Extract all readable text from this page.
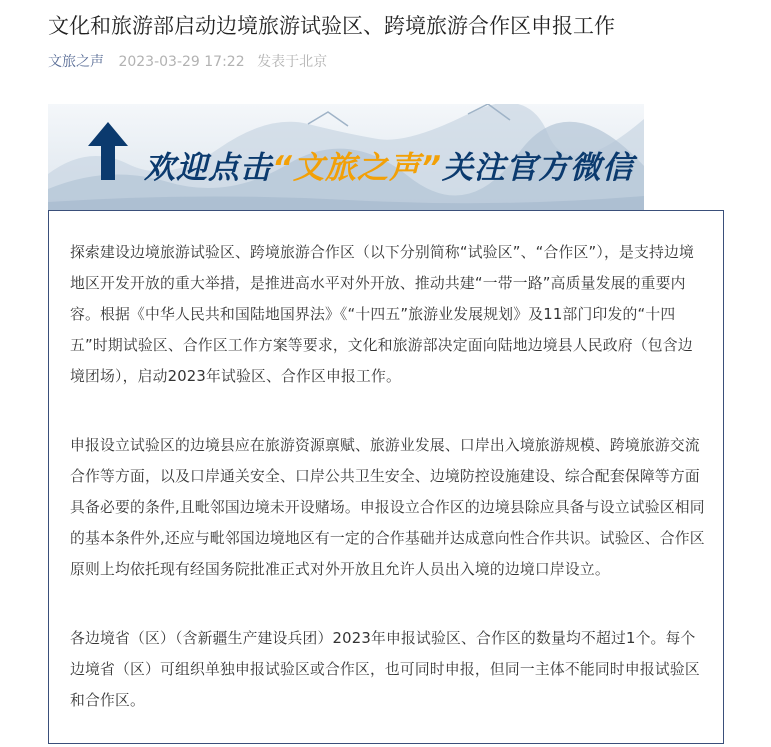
文化和旅游部启动边境旅游试验区、跨境旅游合作区申报工作
文旅之声 2023-03-29 17:22 发表于北京
欢迎点击“文旅之声”关注官方微信

探索建设边境旅游试验区、跨境旅游合作区（以下分别简称“试验区”、“合作区”），是支持边境地区开发开放的重大举措，是推进高水平对外开放、推动共建“一带一路”高质量发展的重要内容。根据《中华人民共和国陆地国界法》《“十四五”旅游业发展规划》及11部门印发的“十四五”时期试验区、合作区工作方案等要求，文化和旅游部决定面向陆地边境县人民政府（包含边境团场），启动2023年试验区、合作区申报工作。

申报设立试验区的边境县应在旅游资源禀赋、旅游业发展、口岸出入境旅游规模、跨境旅游交流合作等方面，以及口岸通关安全、口岸公共卫生安全、边境防控设施建设、综合配套保障等方面具备必要的条件,且毗邻国边境未开设赌场。申报设立合作区的边境县除应具备与设立试验区相同的基本条件外,还应与毗邻国边境地区有一定的合作基础并达成意向性合作共识。试验区、合作区原则上均依托现有经国务院批准正式对外开放且允许人员出入境的边境口岸设立。

各边境省（区）（含新疆生产建设兵团）2023年申报试验区、合作区的数量均不超过1个。每个边境省（区）可组织单独申报试验区或合作区，也可同时申报，但同一主体不能同时申报试验区和合作区。
